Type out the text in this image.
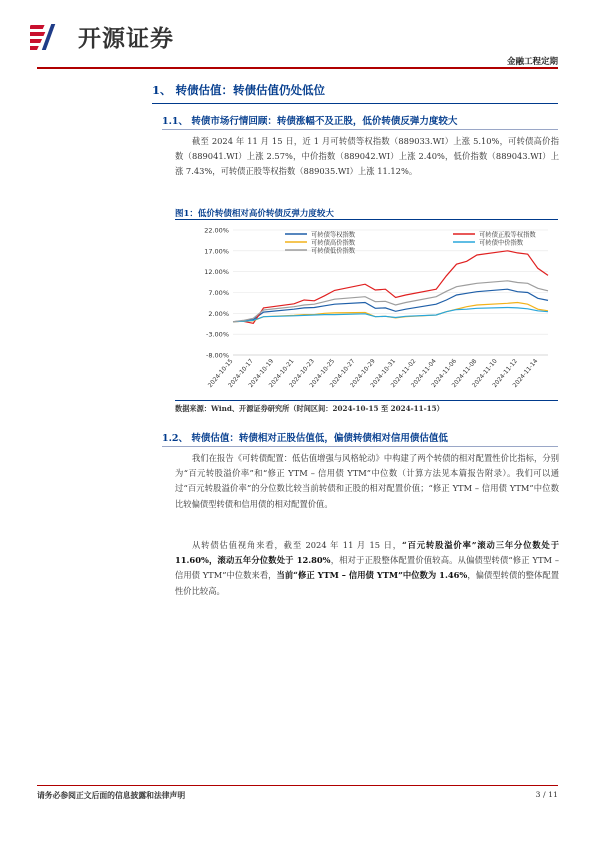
开源证券
金融工程定期
1、 转债估值：转债估值仍处低位
1.1、 转债市场行情回顾：转债涨幅不及正股，低价转债反弹力度较大
截至 2024 年 11 月 15 日，近 1 月可转债等权指数（889033.WI）上涨 5.10%，可转债高价指数（889041.WI）上涨 2.57%，中价指数（889042.WI）上涨 2.40%，低价指数（889043.WI）上涨 7.43%，可转债正股等权指数（889035.WI）上涨 11.12%。
图1：低价转债相对高价转债反弹力度较大
22.00%
17.00%
12.00%
7.00%
2.00%
-3.00%
-8.00%
可转债等权指数	可转债正股等权指数
可转债高价指数	可转债中价指数
可转债低价指数
2024-10-15
2024-10-17
2024-10-19
2024-10-21
2024-10-23
2024-10-25
2024-10-27
2024-10-29
2024-10-31
2024-11-02
2024-11-04
2024-11-06
2024-11-08
2024-11-10
2024-11-12
2024-11-14
数据来源：Wind、开源证券研究所（时间区间：2024-10-15 至 2024-11-15）
1.2、 转债估值：转债相对正股估值低，偏债转债相对信用债估值低
我们在报告《可转债配置：低估值增强与风格轮动》中构建了两个转债的相对配置性价比指标，分别为“百元转股溢价率”和“修正 YTM – 信用债 YTM”中位数（计算方法见本篇报告附录）。我们可以通过“百元转股溢价率”的分位数比较当前转债和正股的相对配置价值；“修正 YTM – 信用债 YTM”中位数比较偏债型转债和信用债的相对配置价值。
从转债估值视角来看，截至 2024 年 11 月 15 日，“百元转股溢价率”滚动三年分位数处于 11.60%，滚动五年分位数处于 12.80%，相对于正股整体配置价值较高。从偏债型转债“修正 YTM – 信用债 YTM”中位数来看，当前“修正 YTM – 信用债 YTM”中位数为 1.46%，偏债型转债的整体配置性价比较高。
请务必参阅正文后面的信息披露和法律声明	3 / 11
